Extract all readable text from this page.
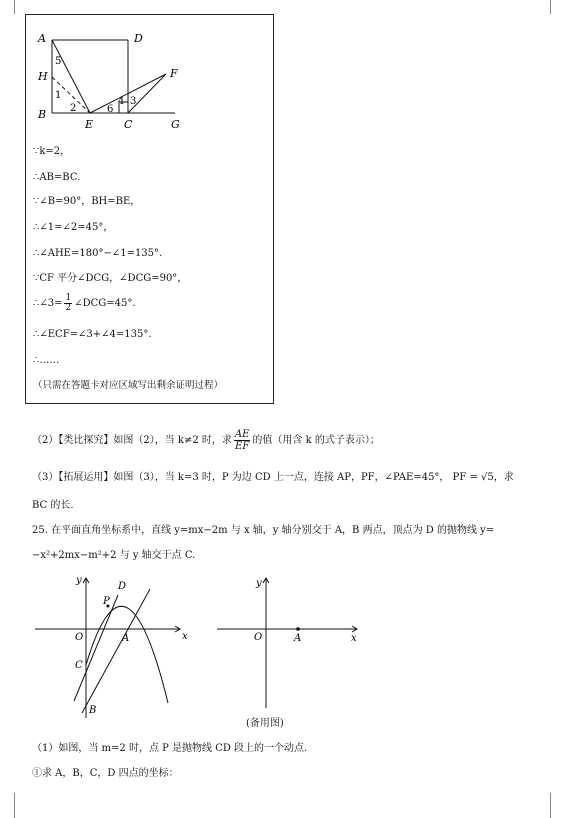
A	D
H
B
E	C	G
F
5
1
2	6
4 3
∵k=2，
∴AB=BC.
∵∠B=90°，BH=BE，
∴∠1=∠2=45°，
∴∠AHE=180°−∠1=135°.
∵CF 平分∠DCG，∠DCG=90°，
∴∠3= $\frac{1}{2}$ ∠DCG=45°.
∴∠ECF=∠3+∠4=135°.
∴……
（只需在答题卡对应区域写出剩余证明过程）
（2）【类比探究】如图（2），当 k≠2 时，求 $\frac{AE}{EF}$ 的值（用含 k 的式子表示）；
（3）【拓展运用】如图（3），当 k=3 时，P 为边 CD 上一点，连接 AP，PF，∠PAE=45°， PF = √5，求
BC 的长.
25. 在平面直角坐标系中，直线 y=mx−2m 与 x 轴，y 轴分别交于 A，B 两点，顶点为 D 的抛物线 y=
−x²+2mx−m²+2 与 y 轴交于点 C.
y
x
O
P
D
A
C
B
y
x
O	A
(备用图)
（1）如图，当 m=2 时，点 P 是抛物线 CD 段上的一个动点.
①求 A，B，C，D 四点的坐标：
